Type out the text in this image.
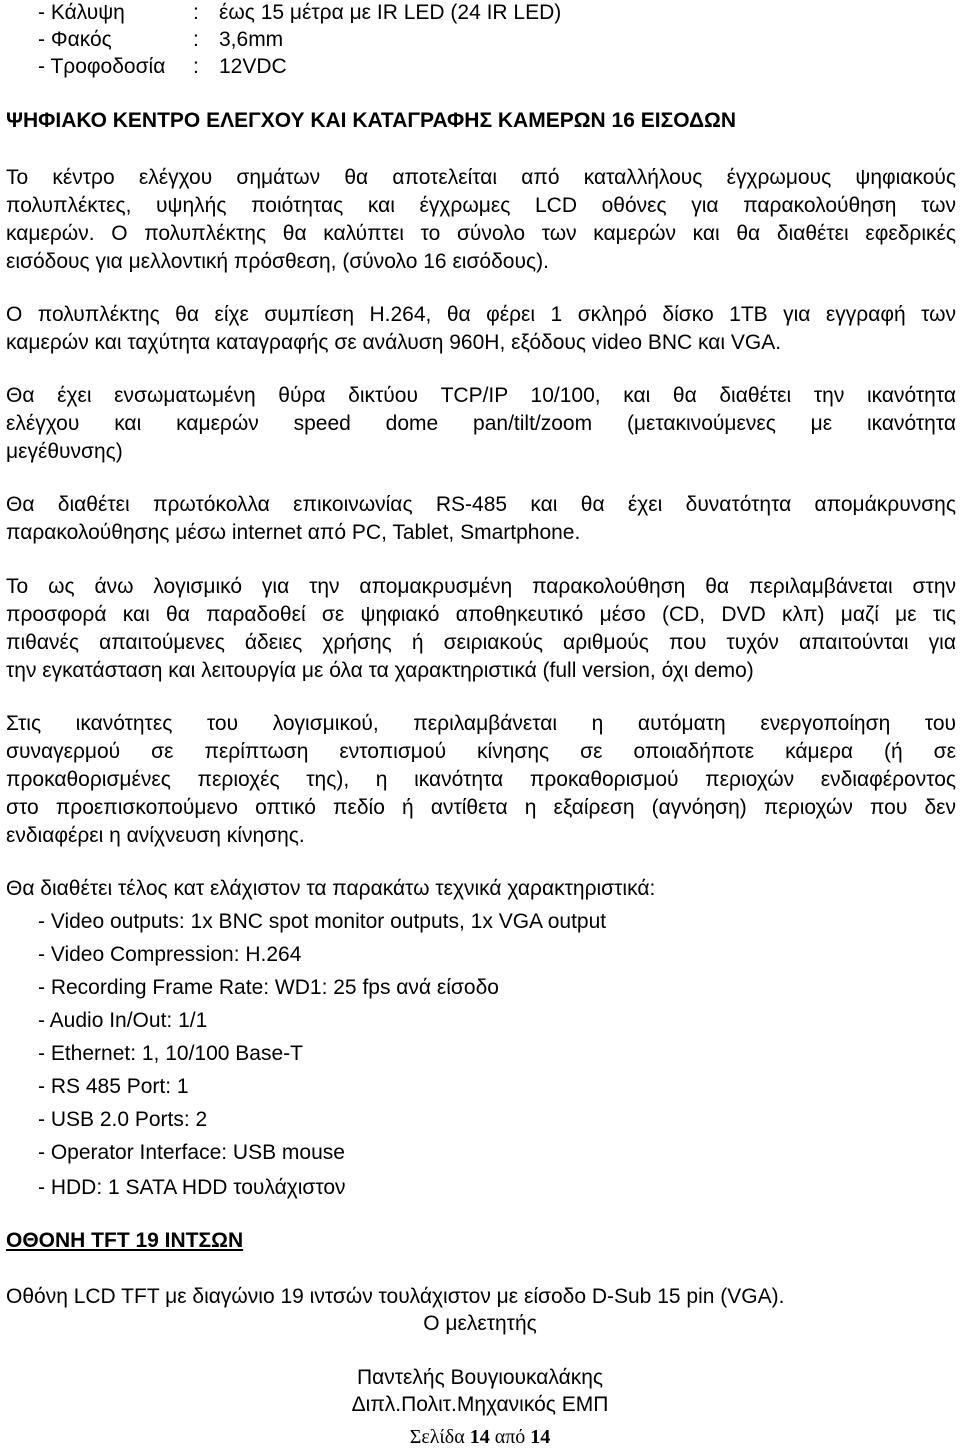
- Κάλυψη	: έως 15 μέτρα με IR LED (24 IR LED)
- Φακός	: 3,6mm
- Τροφοδοσία : 12VDC
ΨΗΦΙΑΚΟ ΚΕΝΤΡΟ ΕΛΕΓΧΟΥ ΚΑΙ ΚΑΤΑΓΡΑΦΗΣ ΚΑΜΕΡΩΝ 16 ΕΙΣΟΔΩΝ
Το κέντρο ελέγχου σημάτων θα αποτελείται από καταλλήλους έγχρωμους ψηφιακούς
πολυπλέκτες, υψηλής ποιότητας και έγχρωμες LCD οθόνες για παρακολούθηση των
καμερών. Ο πολυπλέκτης θα καλύπτει το σύνολο των καμερών και θα διαθέτει εφεδρικές
εισόδους για μελλοντική πρόσθεση, (σύνολο 16 εισόδους).
Ο πολυπλέκτης θα είχε συμπίεση H.264, θα φέρει 1 σκληρό δίσκο 1TB για εγγραφή των
καμερών και ταχύτητα καταγραφής σε ανάλυση 960H, εξόδους video BNC και VGA.
Θα έχει ενσωματωμένη θύρα δικτύου TCP/IP 10/100, και θα διαθέτει την ικανότητα
ελέγχου και καμερών speed dome pan/tilt/zoom (μετακινούμενες με ικανότητα
μεγέθυνσης)
Θα διαθέτει πρωτόκολλα επικοινωνίας RS-485 και θα έχει δυνατότητα απομάκρυνσης
παρακολούθησης μέσω internet από PC, Tablet, Smartphone.
Το ως άνω λογισμικό για την απομακρυσμένη παρακολούθηση θα περιλαμβάνεται στην
προσφορά και θα παραδοθεί σε ψηφιακό αποθηκευτικό μέσο (CD, DVD κλπ) μαζί με τις
πιθανές απαιτούμενες άδειες χρήσης ή σειριακούς αριθμούς που τυχόν απαιτούνται για
την εγκατάσταση και λειτουργία με όλα τα χαρακτηριστικά (full version, όχι demo)
Στις ικανότητες του λογισμικού, περιλαμβάνεται η αυτόματη ενεργοποίηση του
συναγερμού σε περίπτωση εντοπισμού κίνησης σε οποιαδήποτε κάμερα (ή σε
προκαθορισμένες περιοχές της), η ικανότητα προκαθορισμού περιοχών ενδιαφέροντος
στο προεπισκοπούμενο οπτικό πεδίο ή αντίθετα η εξαίρεση (αγνόηση) περιοχών που δεν
ενδιαφέρει η ανίχνευση κίνησης.
Θα διαθέτει τέλος κατ ελάχιστον τα παρακάτω τεχνικά χαρακτηριστικά:
- Video outputs: 1x BNC spot monitor outputs, 1x VGA output
- Video Compression: H.264
- Recording Frame Rate: WD1: 25 fps ανά είσοδο
- Audio In/Out: 1/1
- Ethernet: 1, 10/100 Base-T
- RS 485 Port: 1
- USB 2.0 Ports: 2
- Operator Interface: USB mouse
- HDD: 1 SATA HDD τουλάχιστον
ΟΘΟΝΗ TFT 19 ΙΝΤΣΩΝ
Οθόνη LCD TFT με διαγώνιο 19 ιντσών τουλάχιστον με είσοδο D-Sub 15 pin (VGA).
Ο μελετητής
Παντελής Βουγιουκαλάκης
Διπλ.Πολιτ.Μηχανικός ΕΜΠ
Σελίδα 14 από 14
